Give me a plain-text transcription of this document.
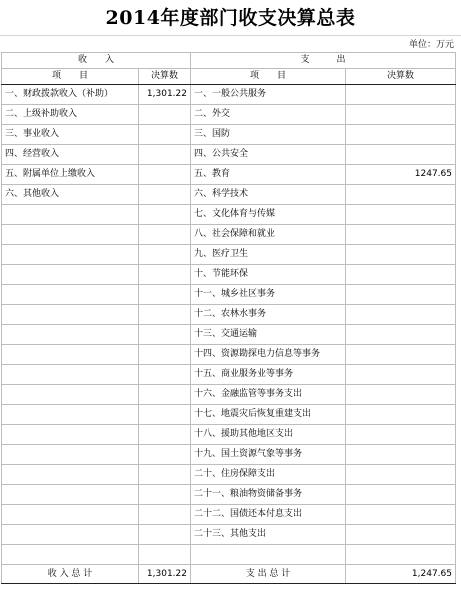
2014年度部门收支决算总表
单位：万元
收　　入		支　　　出	
项　　目	决算数	项　　目	决算数
一、财政拨款收入（补助）	1,301.22	一、一般公共服务	
二、上级补助收入		二、外交	
三、事业收入		三、国防	
四、经营收入		四、公共安全	
五、附属单位上缴收入		五、教育	1247.65
六、其他收入		六、科学技术	
		七、文化体育与传媒	
		八、社会保障和就业	
		九、医疗卫生	
		十、节能环保	
		十一、城乡社区事务	
		十二、农林水事务	
		十三、交通运输	
		十四、资源勘探电力信息等事务	
		十五、商业服务业等事务	
		十六、金融监管等事务支出	
		十七、地震灾后恢复重建支出	
		十八、援助其他地区支出	
		十九、国土资源气象等事务	
		二十、住房保障支出	
		二十一、粮油物资储备事务	
		二十二、国债还本付息支出	
		二十三、其他支出	

收 入 总 计	1,301.22	支 出 总 计	1,247.65
